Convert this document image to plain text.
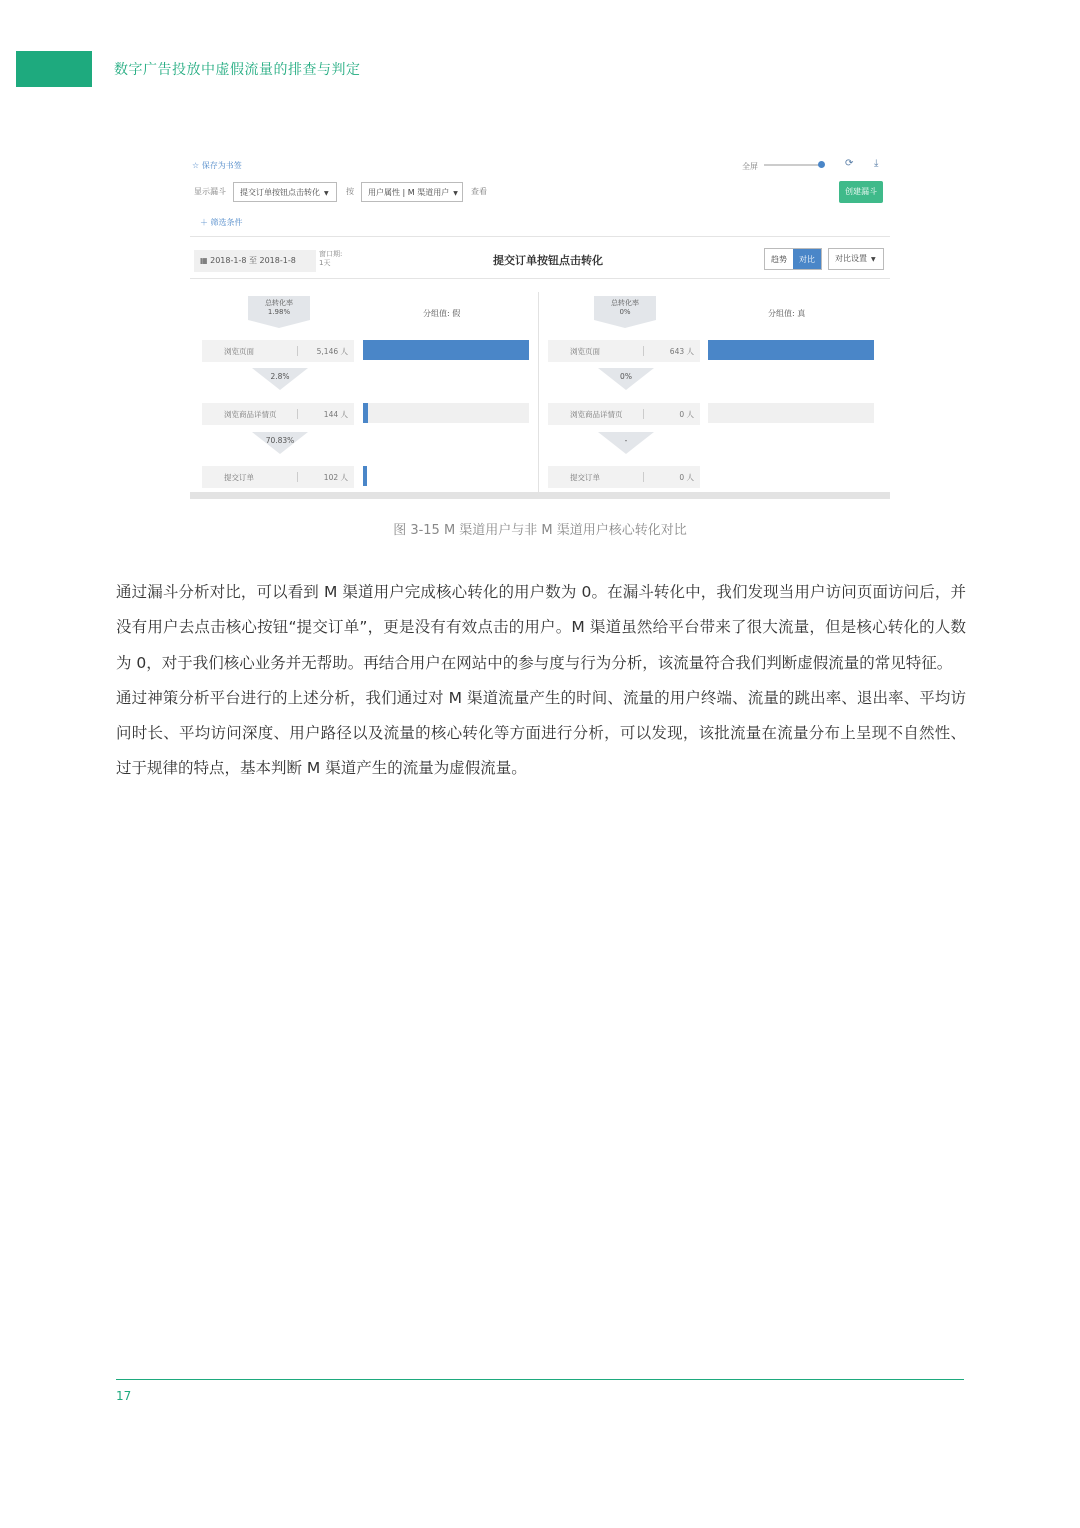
数字广告投放中虚假流量的排查与判定
☆ 保存为书签	全屏	⟳ ⤓
显示漏斗	提交订单按钮点击转化 ▼	按	用户属性 | M 渠道用户 ▼	查看	创建漏斗
＋ 筛选条件
▦ 2018-1-8 至 2018-1-8
窗口期:
1天	提交订单按钮点击转化	趋势	对比	对比设置 ▼
总转化率
1.98%	分组值: 假
浏览页面	5,146 人
2.8%
浏览商品详情页	144 人
70.83%
提交订单	102 人
总转化率
0%	分组值: 真
浏览页面	643 人
0%
浏览商品详情页	0 人
-
提交订单	0 人
图 3-15 M 渠道用户与非 M 渠道用户核心转化对比

通过漏斗分析对比，可以看到 M 渠道用户完成核心转化的用户数为 0。在漏斗转化中，我们发现当用户访问页面访问后，并没有用户去点击核心按钮“提交订单”，更是没有有效点击的用户。M 渠道虽然给平台带来了很大流量，但是核心转化的人数为 0，对于我们核心业务并无帮助。再结合用户在网站中的参与度与行为分析，该流量符合我们判断虚假流量的常见特征。

通过神策分析平台进行的上述分析，我们通过对 M 渠道流量产生的时间、流量的用户终端、流量的跳出率、退出率、平均访问时长、平均访问深度、用户路径以及流量的核心转化等方面进行分析，可以发现，该批流量在流量分布上呈现不自然性、过于规律的特点，基本判断 M 渠道产生的流量为虚假流量。

17
